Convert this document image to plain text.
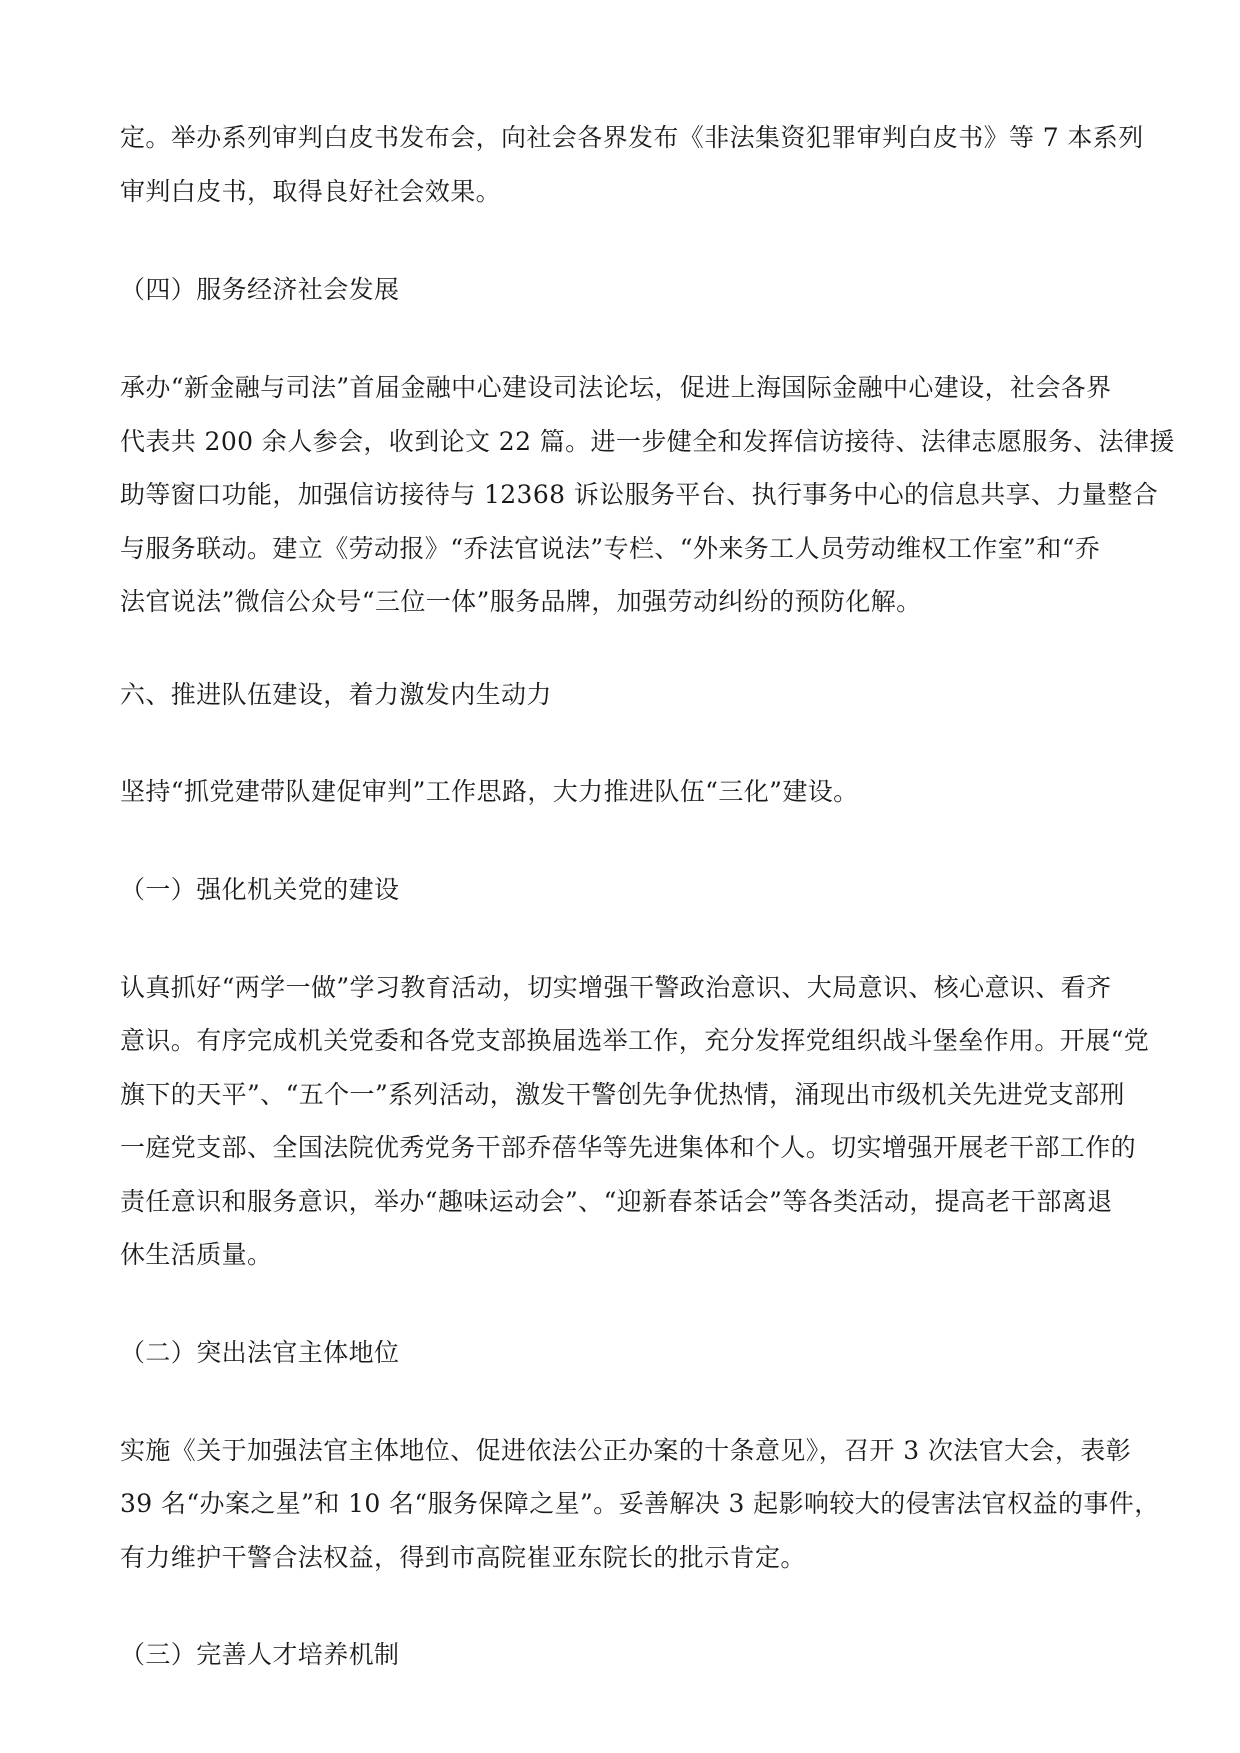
定。举办系列审判白皮书发布会，向社会各界发布《非法集资犯罪审判白皮书》等 7 本系列
审判白皮书，取得良好社会效果。
（四）服务经济社会发展
承办“新金融与司法”首届金融中心建设司法论坛，促进上海国际金融中心建设，社会各界
代表共 200 余人参会，收到论文 22 篇。进一步健全和发挥信访接待、法律志愿服务、法律援
助等窗口功能，加强信访接待与 12368 诉讼服务平台、执行事务中心的信息共享、力量整合
与服务联动。建立《劳动报》“乔法官说法”专栏、“外来务工人员劳动维权工作室”和“乔
法官说法”微信公众号“三位一体”服务品牌，加强劳动纠纷的预防化解。
六、推进队伍建设，着力激发内生动力
坚持“抓党建带队建促审判”工作思路，大力推进队伍“三化”建设。
（一）强化机关党的建设
认真抓好“两学一做”学习教育活动，切实增强干警政治意识、大局意识、核心意识、看齐
意识。有序完成机关党委和各党支部换届选举工作，充分发挥党组织战斗堡垒作用。开展“党
旗下的天平”、“五个一”系列活动，激发干警创先争优热情，涌现出市级机关先进党支部刑
一庭党支部、全国法院优秀党务干部乔蓓华等先进集体和个人。切实增强开展老干部工作的
责任意识和服务意识，举办“趣味运动会”、“迎新春茶话会”等各类活动，提高老干部离退
休生活质量。
（二）突出法官主体地位
实施《关于加强法官主体地位、促进依法公正办案的十条意见》，召开 3 次法官大会，表彰
39 名“办案之星”和 10 名“服务保障之星”。妥善解决 3 起影响较大的侵害法官权益的事件，
有力维护干警合法权益，得到市高院崔亚东院长的批示肯定。
（三）完善人才培养机制
